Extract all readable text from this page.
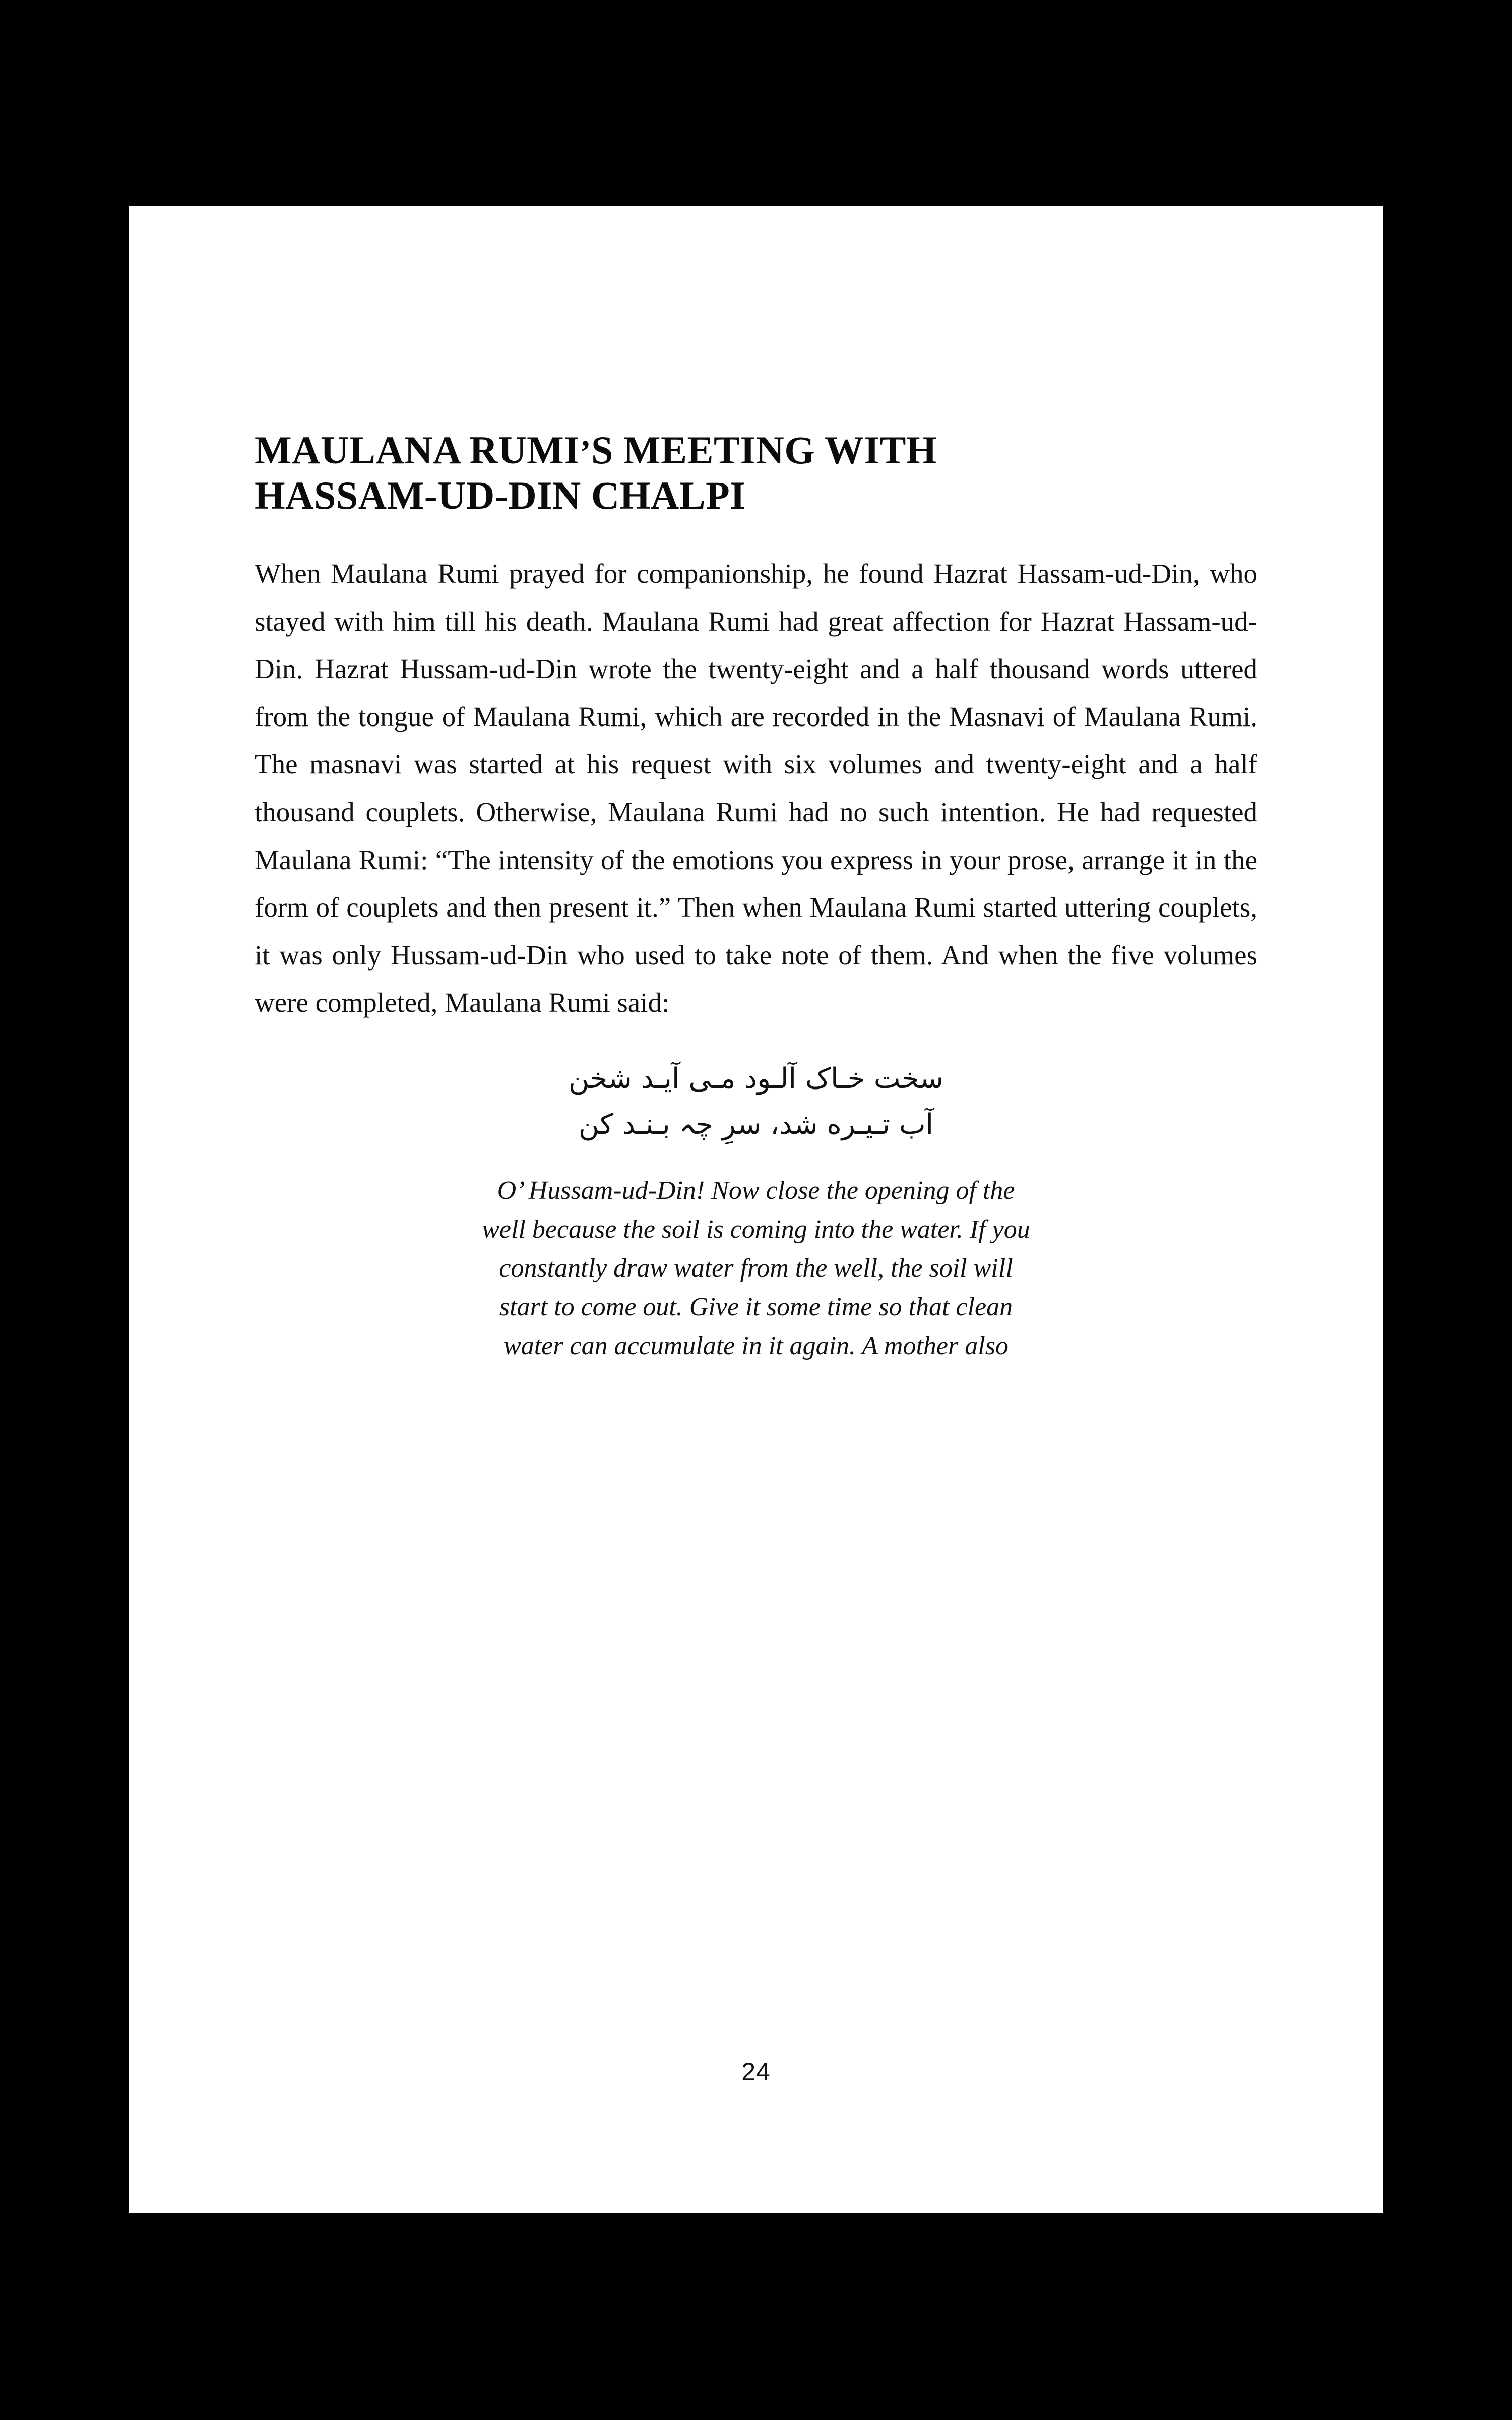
MAULANA RUMI’S MEETING WITH
HASSAM-UD-DIN CHALPI

When Maulana Rumi prayed for companionship, he found Hazrat Hassam-ud-Din, who stayed with him till his death. Maulana Rumi had great affection for Hazrat Hassam-ud-Din. Hazrat Hussam-ud-Din wrote the twenty-eight and a half thousand words uttered from the tongue of Maulana Rumi, which are recorded in the Masnavi of Maulana Rumi. The masnavi was started at his request with six volumes and twenty-eight and a half thousand couplets. Otherwise, Maulana Rumi had no such intention. He had requested Maulana Rumi: “The intensity of the emotions you express in your prose, arrange it in the form of couplets and then present it.” Then when Maulana Rumi started uttering couplets, it was only Hussam-ud-Din who used to take note of them. And when the five volumes were completed, Maulana Rumi said:

سخت خـاک آلـود مـی آیـد شخن
آب تـیـره شد، سرِ چہ بـنـد کن
O’ Hussam-ud-Din! Now close the opening of the
well because the soil is coming into the water. If you
constantly draw water from the well, the soil will
start to come out. Give it some time so that clean
water can accumulate in it again. A mother also
24
